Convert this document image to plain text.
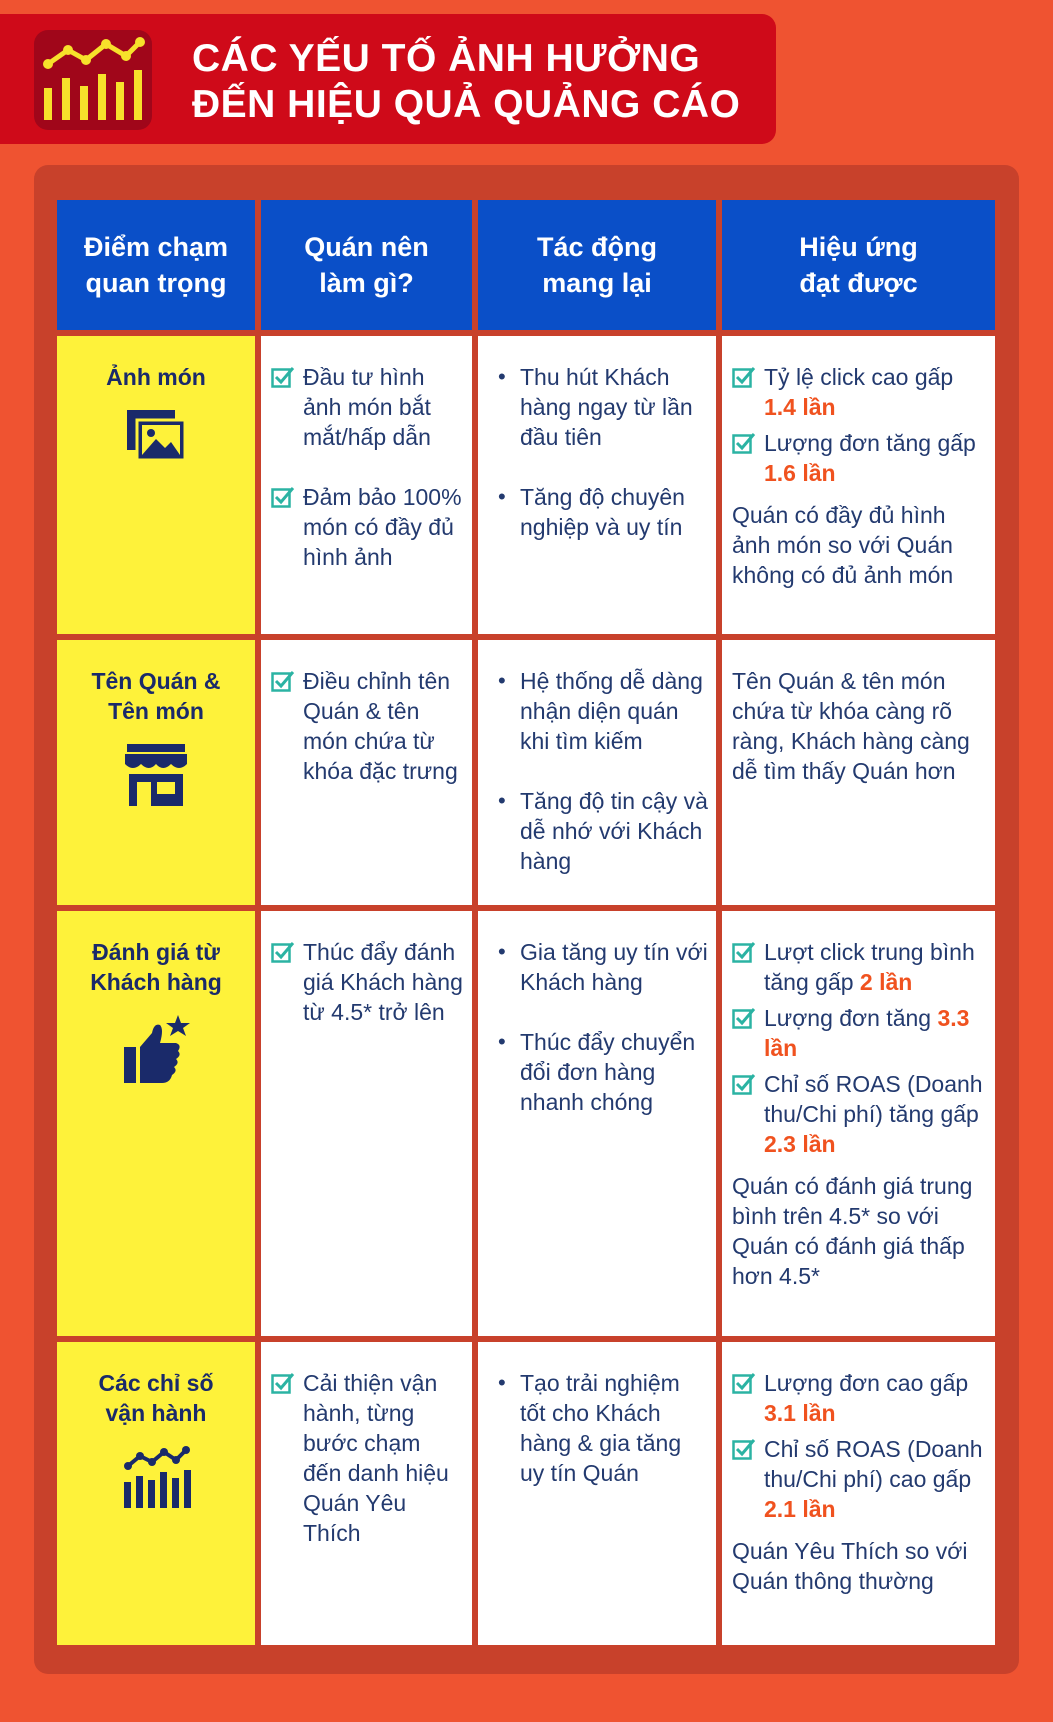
CÁC YẾU TỐ ẢNH HƯỞNG
ĐẾN HIỆU QUẢ QUẢNG CÁO
Điểm chạm
quan trọng
Quán nên
làm gì?
Tác động
mang lại
Hiệu ứng
đạt được
Ảnh món	Đầu tư hình ảnh món bắt mắt/hấp dẫn
Đảm bảo 100% món có đầy đủ hình ảnh
• Thu hút Khách hàng ngay từ lần đầu tiên
• Tăng độ chuyên nghiệp và uy tín
Tỷ lệ click cao gấp 1.4 lần
Lượng đơn tăng gấp 1.6 lần
Quán có đầy đủ hình ảnh món so với Quán không có đủ ảnh món
Tên Quán &
Tên món
Điều chỉnh tên Quán & tên món chứa từ khóa đặc trưng
• Hệ thống dễ dàng nhận diện quán khi tìm kiếm
• Tăng độ tin cậy và dễ nhớ với Khách hàng
Tên Quán & tên món chứa từ khóa càng rõ ràng, Khách hàng càng dễ tìm thấy Quán hơn
Đánh giá từ
Khách hàng
Thúc đẩy đánh giá Khách hàng từ 4.5* trở lên
• Gia tăng uy tín với Khách hàng
• Thúc đẩy chuyển đổi đơn hàng nhanh chóng
Lượt click trung bình tăng gấp 2 lần
Lượng đơn tăng 3.3 lần
Chỉ số ROAS (Doanh thu/Chi phí) tăng gấp 2.3 lần
Quán có đánh giá trung bình trên 4.5* so với Quán có đánh giá thấp hơn 4.5*
Các chỉ số
vận hành
Cải thiện vận hành, từng bước chạm đến danh hiệu Quán Yêu Thích
• Tạo trải nghiệm tốt cho Khách hàng & gia tăng uy tín Quán
Lượng đơn cao gấp 3.1 lần
Chỉ số ROAS (Doanh thu/Chi phí) cao gấp 2.1 lần
Quán Yêu Thích so với Quán thông thường
